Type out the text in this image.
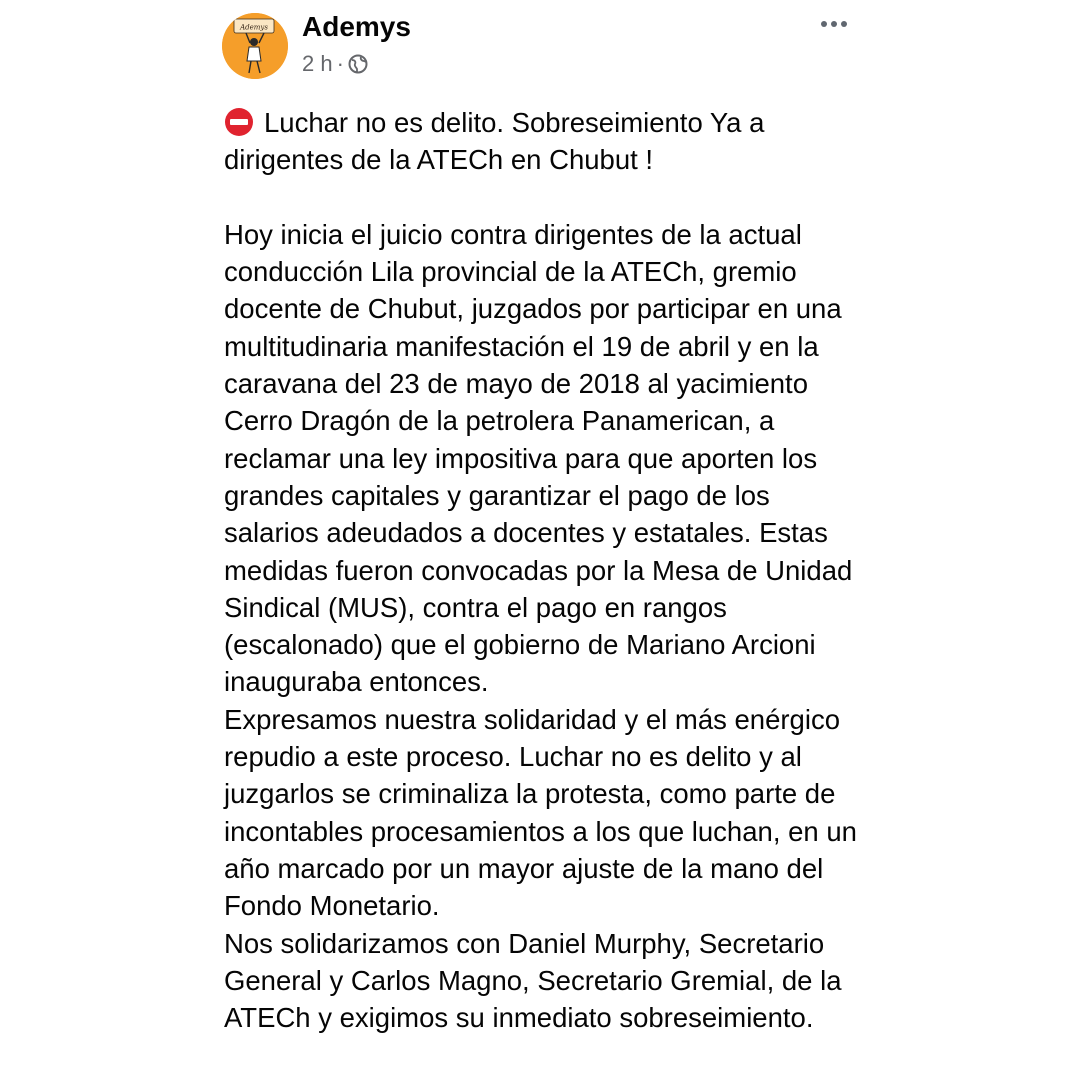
Ademys Ademys
2 h ·

Luchar no es delito. Sobreseimiento Ya a dirigentes de la ATECh en Chubut !

Hoy inicia el juicio contra dirigentes de la actual conducción Lila provincial de la ATECh, gremio docente de Chubut, juzgados por participar en una multitudinaria manifestación el 19 de abril y en la caravana del 23 de mayo de 2018 al yacimiento Cerro Dragón de la petrolera Panamerican, a reclamar una ley impositiva para que aporten los grandes capitales y garantizar el pago de los salarios adeudados a docentes y estatales. Estas medidas fueron convocadas por la Mesa de Unidad Sindical (MUS), contra el pago en rangos (escalonado) que el gobierno de Mariano Arcioni inauguraba entonces.

Expresamos nuestra solidaridad y el más enérgico repudio a este proceso. Luchar no es delito y al juzgarlos se criminaliza la protesta, como parte de incontables procesamientos a los que luchan, en un año marcado por un mayor ajuste de la mano del Fondo Monetario.

Nos solidarizamos con Daniel Murphy, Secretario General y Carlos Magno, Secretario Gremial, de la ATECh y exigimos su inmediato sobreseimiento.
